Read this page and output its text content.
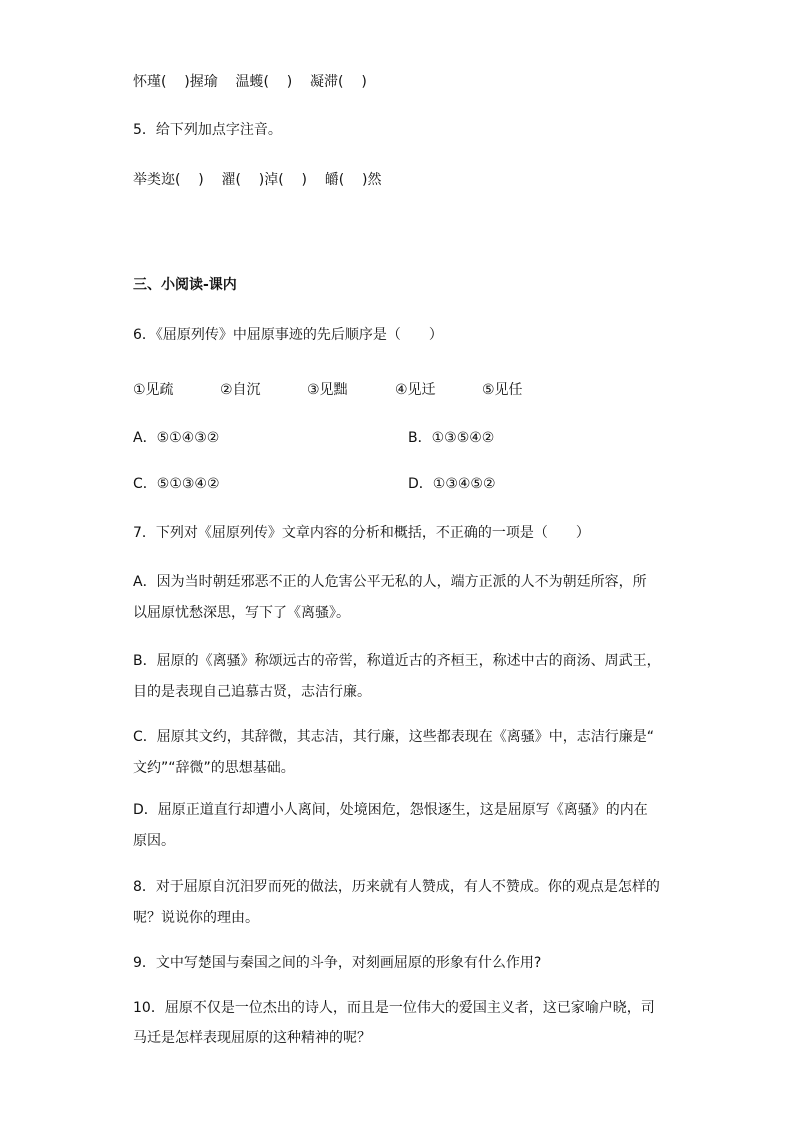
怀瑾(    )握瑜    温蠖(    )    凝滞(    )
5．给下列加点字注音。
举类迩(    )    濯(    )淖(    )    皭(    )然
三、小阅读-课内
6．《屈原列传》中屈原事迹的先后顺序是（　　）
①见疏	②自沉	③见黜	④见迁	⑤见任
A．⑤①④③②	B．①③⑤④②
C．⑤①③④②	D．①③④⑤②
7．下列对《屈原列传》文章内容的分析和概括，不正确的一项是（　　）
A．因为当时朝廷邪恶不正的人危害公平无私的人，端方正派的人不为朝廷所容，所
以屈原忧愁深思，写下了《离骚》。
B．屈原的《离骚》称颂远古的帝喾，称道近古的齐桓王，称述中古的商汤、周武王，
目的是表现自己追慕古贤，志洁行廉。
C．屈原其文约，其辞微，其志洁，其行廉，这些都表现在《离骚》中，志洁行廉是“
文约”“辞微”的思想基础。
D．屈原正道直行却遭小人离间，处境困危，怨恨逐生，这是屈原写《离骚》的内在
原因。
8．对于屈原自沉汨罗而死的做法，历来就有人赞成，有人不赞成。你的观点是怎样的
呢？说说你的理由。
9．文中写楚国与秦国之间的斗争，对刻画屈原的形象有什么作用?
10．屈原不仅是一位杰出的诗人，而且是一位伟大的爱国主义者，这已家喻户晓，司
马迁是怎样表现屈原的这种精神的呢？
